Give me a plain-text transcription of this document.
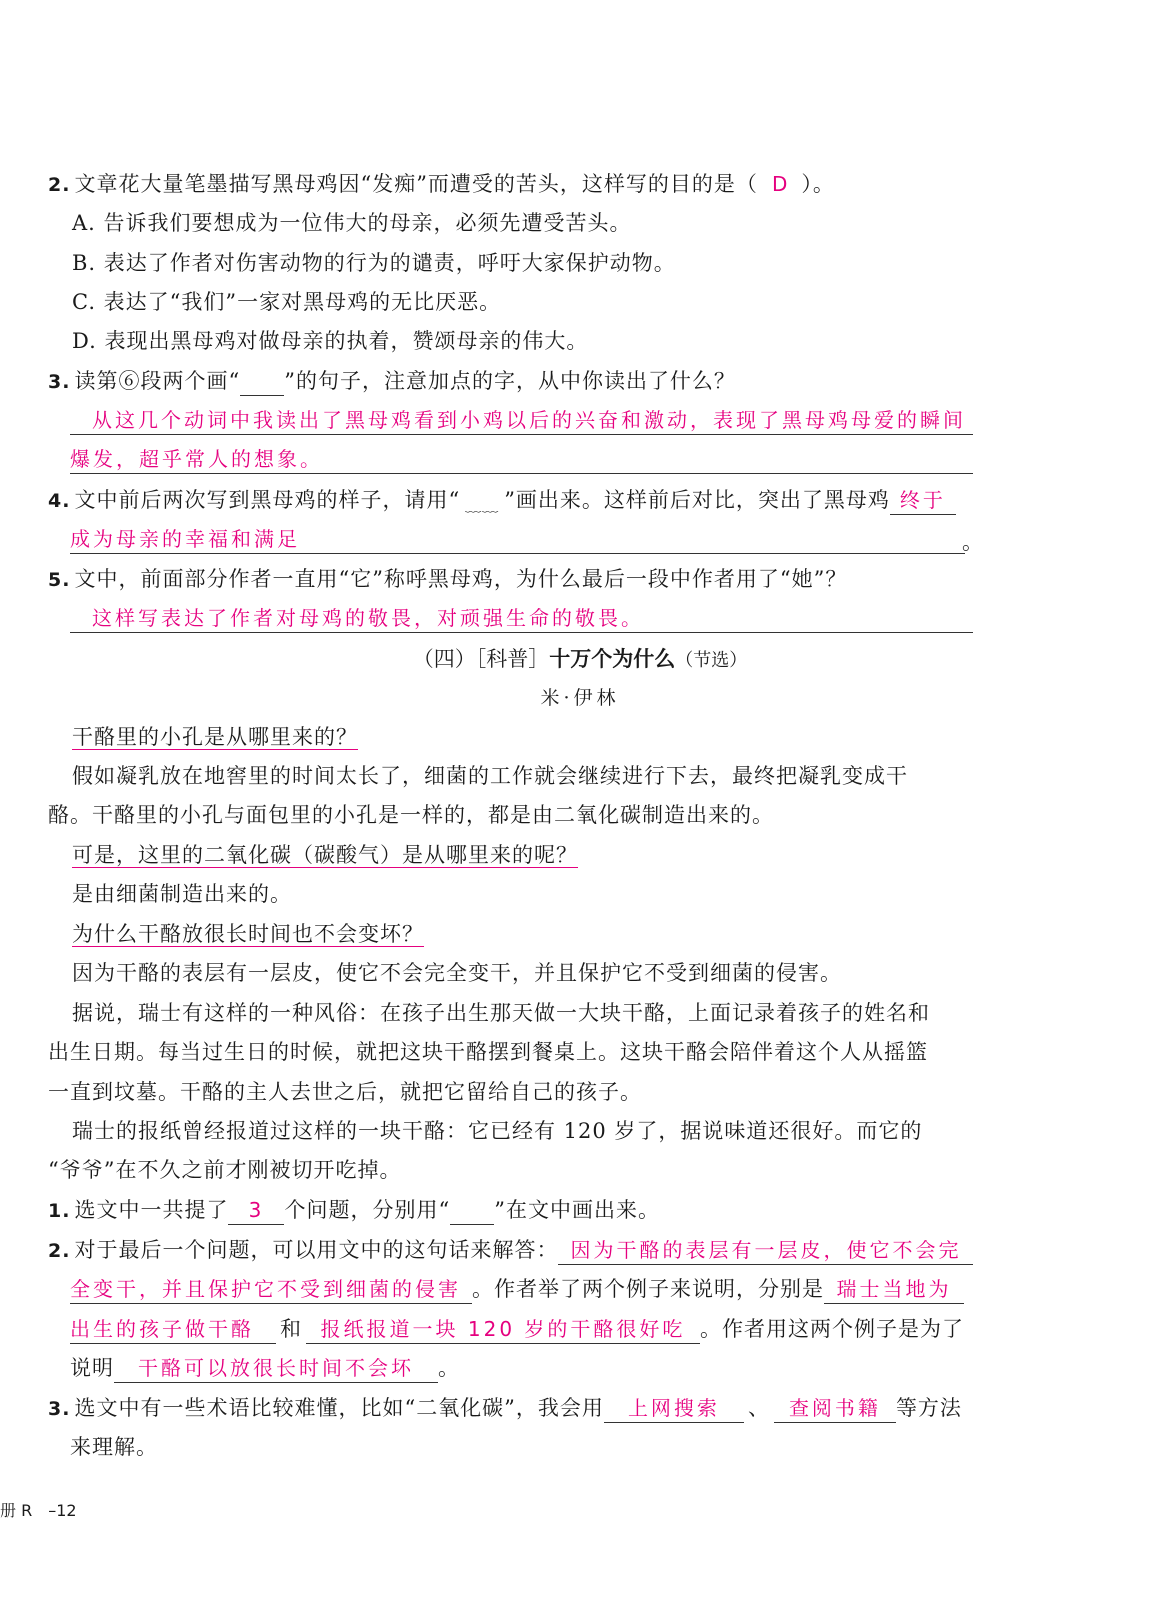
2. 文章花大量笔墨描写黑母鸡因“发痴”而遭受的苦头，这样写的目的是（ D ）。
A. 告诉我们要想成为一位伟大的母亲，必须先遭受苦头。
B. 表达了作者对伤害动物的行为的谴责，呼吁大家保护动物。
C. 表达了“我们”一家对黑母鸡的无比厌恶。
D. 表现出黑母鸡对做母亲的执着，赞颂母亲的伟大。
3. 读第⑥段两个画“ ”的句子，注意加点的字，从中你读出了什么？
从这几个动词中我读出了黑母鸡看到小鸡以后的兴奋和激动，表现了黑母鸡母爱的瞬间
爆发，超乎常人的想象。
4. 文中前后两次写到黑母鸡的样子，请用“ ﹏﹏ ”画出来。这样前后对比，突出了黑母鸡 终于
成为母亲的幸福和满足	。
5. 文中，前面部分作者一直用“它”称呼黑母鸡，为什么最后一段中作者用了“她”？
这样写表达了作者对母鸡的敬畏，对顽强生命的敬畏。
（四）［科普］十万个为什么（节选）
米·伊林
干酪里的小孔是从哪里来的？
假如凝乳放在地窖里的时间太长了，细菌的工作就会继续进行下去，最终把凝乳变成干
酪。干酪里的小孔与面包里的小孔是一样的，都是由二氧化碳制造出来的。
可是，这里的二氧化碳（碳酸气）是从哪里来的呢？
是由细菌制造出来的。
为什么干酪放很长时间也不会变坏？
因为干酪的表层有一层皮，使它不会完全变干，并且保护它不受到细菌的侵害。
据说，瑞士有这样的一种风俗：在孩子出生那天做一大块干酪，上面记录着孩子的姓名和
出生日期。每当过生日的时候，就把这块干酪摆到餐桌上。这块干酪会陪伴着这个人从摇篮
一直到坟墓。干酪的主人去世之后，就把它留给自己的孩子。
瑞士的报纸曾经报道过这样的一块干酪：它已经有 120 岁了，据说味道还很好。而它的
“爷爷”在不久之前才刚被切开吃掉。
1. 选文中一共提了 3 个问题，分别用“ ”在文中画出来。
2. 对于最后一个问题，可以用文中的这句话来解答： 因为干酪的表层有一层皮，使它不会完
全变干，并且保护它不受到细菌的侵害 。作者举了两个例子来说明，分别是 瑞士当地为
出生的孩子做干酪 和 报纸报道一块 120 岁的干酪很好吃 。作者用这两个例子是为了
说明 干酪可以放很长时间不会坏 。
3. 选文中有一些术语比较难懂，比如“二氧化碳”，我会用 上网搜索 、 查阅书籍 等方法
来理解。
册 R　–12
